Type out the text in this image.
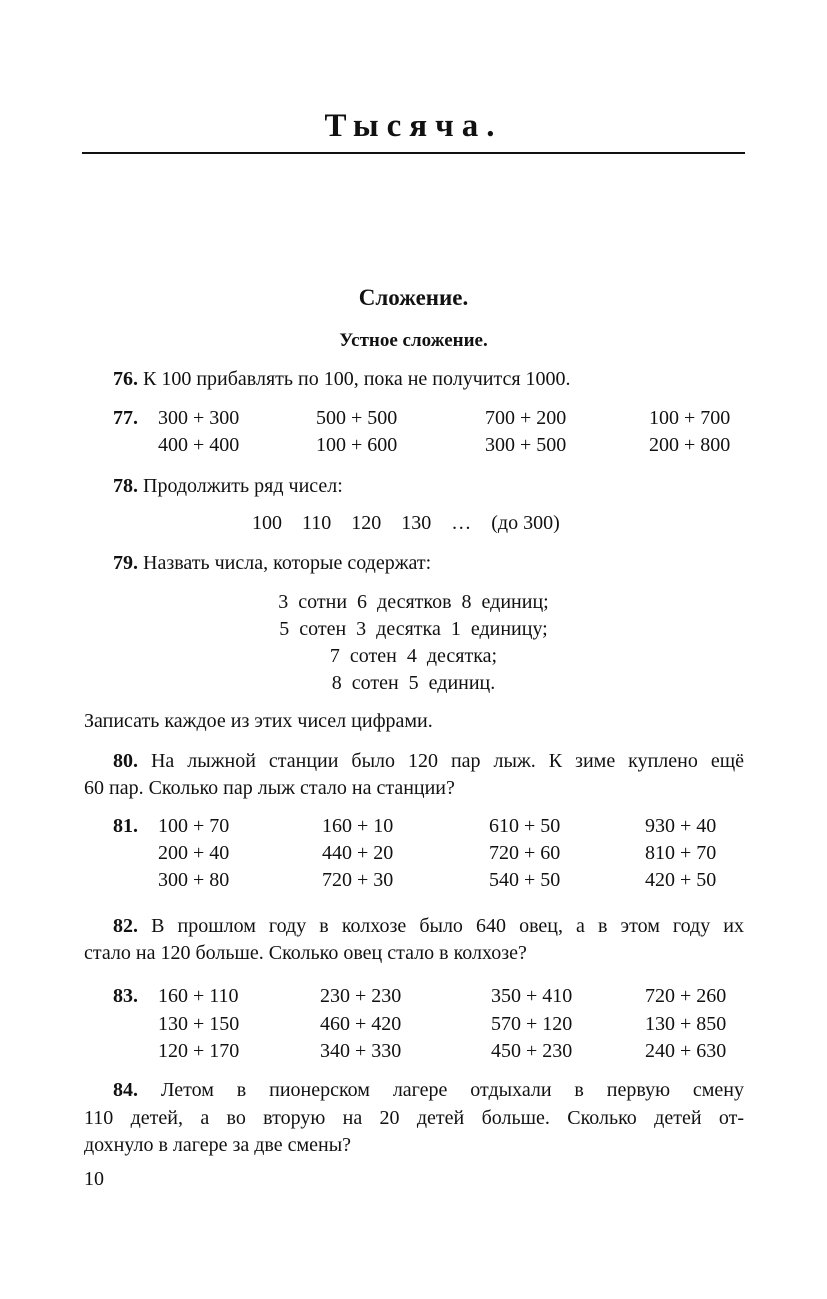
Тысяча.
Сложение.
Устное сложение.
76. К 100 прибавлять по 100, пока не получится 1000.
77. 300 + 300	500 + 500	700 + 200	100 + 700
400 + 400	100 + 600	300 + 500	200 + 800
78. Продолжить ряд чисел:
100    110    120    130    …    (до 300)
79. Назвать числа, которые содержат:
3  сотни  6  десятков  8  единиц;
5  сотен  3  десятка  1  единицу;
7  сотен  4  десятка;
8  сотен  5  единиц.
Записать каждое из этих чисел цифрами.
80. На лыжной станции было 120 пар лыж. К зиме куплено ещё
60 пар. Сколько пар лыж стало на станции?
81. 100 + 70	160 + 10	610 + 50	930 + 40
200 + 40	440 + 20	720 + 60	810 + 70
300 + 80	720 + 30	540 + 50	420 + 50
82. В прошлом году в колхозе было 640 овец, а в этом году их
стало на 120 больше. Сколько овец стало в колхозе?
83. 160 + 110	230 + 230	350 + 410	720 + 260
130 + 150	460 + 420	570 + 120	130 + 850
120 + 170	340 + 330	450 + 230	240 + 630
84. Летом в пионерском лагере отдыхали в первую смену
110 детей, а во вторую на 20 детей больше. Сколько детей от-
дохнуло в лагере за две смены?
10
